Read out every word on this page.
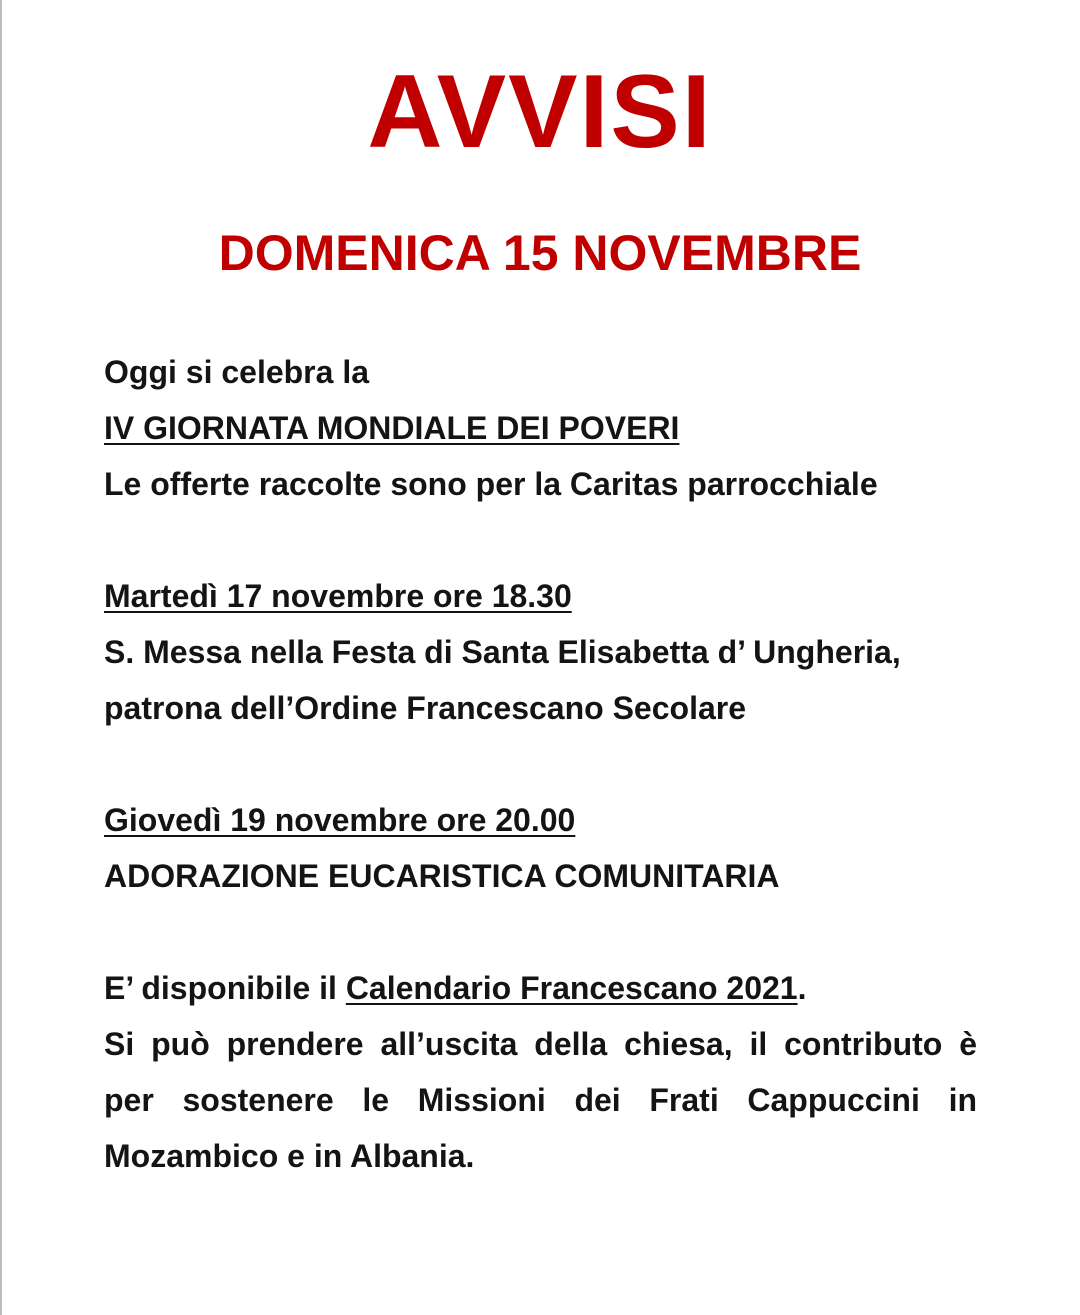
AVVISI
DOMENICA 15 NOVEMBRE
Oggi si celebra la
IV GIORNATA MONDIALE DEI POVERI
Le offerte raccolte sono per la Caritas parrocchiale
Martedì 17 novembre ore 18.30
S. Messa nella Festa di Santa Elisabetta d’ Ungheria,
patrona dell’Ordine Francescano Secolare
Giovedì 19 novembre ore 20.00
ADORAZIONE EUCARISTICA COMUNITARIA
E’ disponibile il Calendario Francescano 2021.
Si può prendere all’uscita della chiesa, il contributo è
per sostenere le Missioni dei Frati Cappuccini in
Mozambico e in Albania.
